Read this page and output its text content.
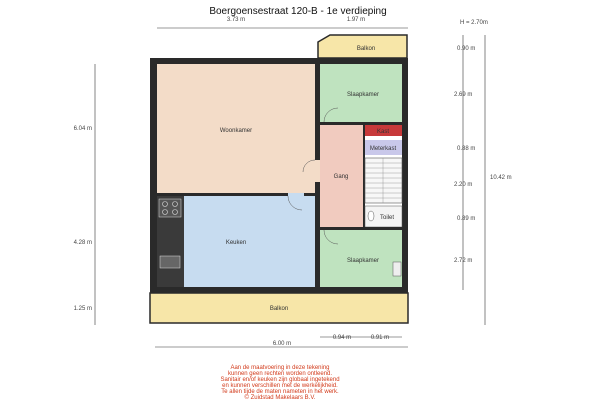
Boergoensestraat 120-B - 1e verdieping
H = 2.70m
3.73 m	1.97 m
Balkon
Woonkamer
Keuken
Slaapkamer
Gang
Kast
Meterkast
Toilet
Slaapkamer
Balkon
6.00 m
0.94 m	0.91 m
6.04 m
4.28 m
1.25 m
0.90 m
2.69 m
0.88 m
2.20 m
0.89 m
2.72 m
10.42 m
Aan de maatvoering in deze tekening
kunnen geen rechten worden ontleend.
Sanitair en/of keuken zijn globaal ingetekend
en kunnen verschillen met de werkelijkheid.
Te allen tijde de maten nameten in het werk.
© Zuidstad Makelaars B.V.
